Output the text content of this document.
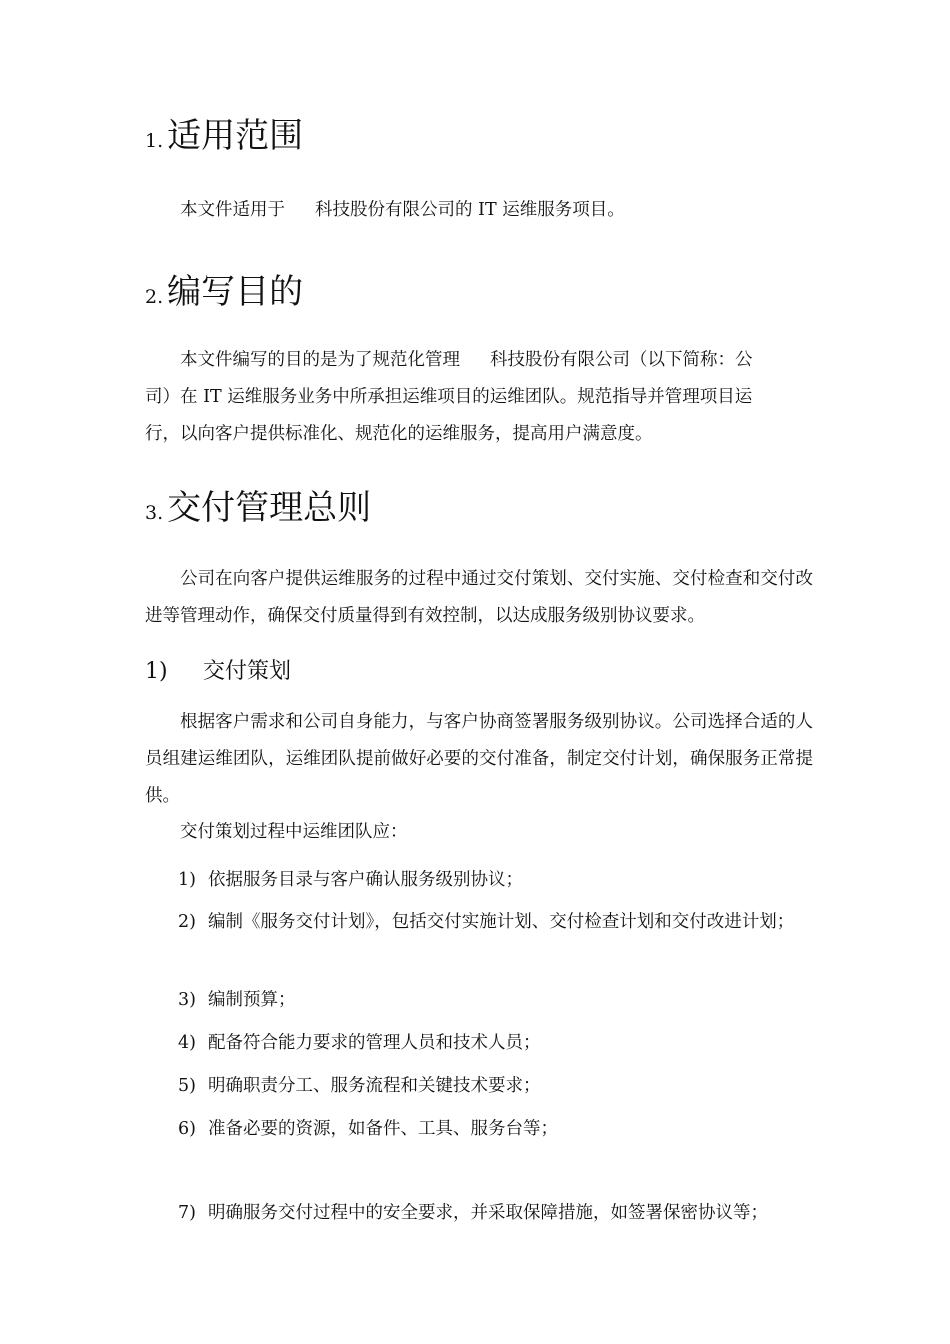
1. 适用范围
本文件适用于 科技股份有限公司的 IT 运维服务项目。
2. 编写目的
本文件编写的目的是为了规范化管理 科技股份有限公司（以下简称：公
司）在 IT 运维服务业务中所承担运维项目的运维团队。规范指导并管理项目运
行，以向客户提供标准化、规范化的运维服务，提高用户满意度。
3. 交付管理总则
公司在向客户提供运维服务的过程中通过交付策划、交付实施、交付检查和交付改进等管理动作，确保交付质量得到有效控制，以达成服务级别协议要求。
1) 交付策划
根据客户需求和公司自身能力，与客户协商签署服务级别协议。公司选择合适的人员组建运维团队，运维团队提前做好必要的交付准备，制定交付计划，确保服务正常提供。
交付策划过程中运维团队应：
1) 依据服务目录与客户确认服务级别协议；
2) 编制《服务交付计划》，包括交付实施计划、交付检查计划和交付改进计划；
3) 编制预算；
4) 配备符合能力要求的管理人员和技术人员；
5) 明确职责分工、服务流程和关键技术要求；
6) 准备必要的资源，如备件、工具、服务台等；
7) 明确服务交付过程中的安全要求，并采取保障措施，如签署保密协议等；
